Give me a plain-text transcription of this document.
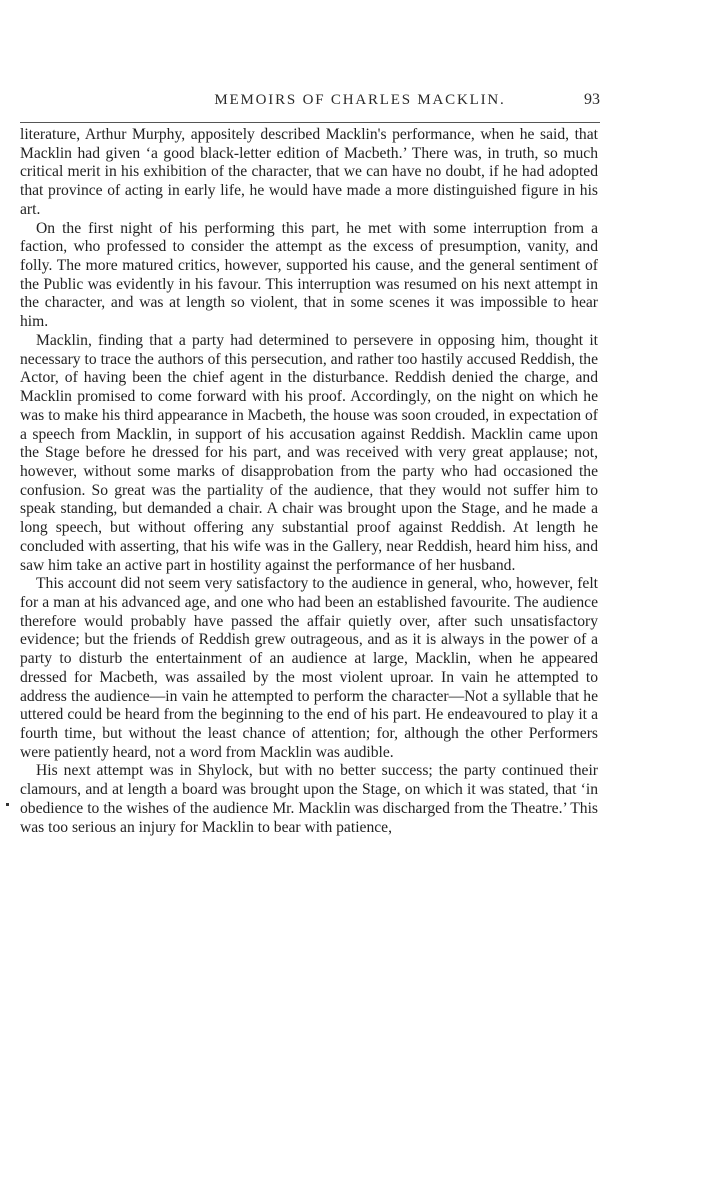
MEMOIRS OF CHARLES MACKLIN.	93

literature, Arthur Murphy, appositely described Macklin's performance, when he said, that Macklin had given ‘a good black-letter edition of Macbeth.’ There was, in truth, so much critical merit in his exhibition of the character, that we can have no doubt, if he had adopted that province of acting in early life, he would have made a more distinguished figure in his art.

On the first night of his performing this part, he met with some interruption from a faction, who professed to consider the attempt as the excess of presumption, vanity, and folly. The more matured critics, however, supported his cause, and the general sentiment of the Public was evidently in his favour. This interruption was resumed on his next attempt in the character, and was at length so violent, that in some scenes it was impossible to hear him.

Macklin, finding that a party had determined to persevere in opposing him, thought it necessary to trace the authors of this persecution, and rather too hastily accused Reddish, the Actor, of having been the chief agent in the disturbance. Reddish denied the charge, and Macklin promised to come forward with his proof. Accordingly, on the night on which he was to make his third appearance in Macbeth, the house was soon crouded, in expectation of a speech from Macklin, in support of his accusation against Reddish. Macklin came upon the Stage before he dressed for his part, and was received with very great applause; not, however, without some marks of disapprobation from the party who had occasioned the confusion. So great was the partiality of the audience, that they would not suffer him to speak standing, but demanded a chair. A chair was brought upon the Stage, and he made a long speech, but without offering any substantial proof against Reddish. At length he concluded with asserting, that his wife was in the Gallery, near Reddish, heard him hiss, and saw him take an active part in hostility against the performance of her husband.

This account did not seem very satisfactory to the audience in general, who, however, felt for a man at his advanced age, and one who had been an established favourite. The audience therefore would probably have passed the affair quietly over, after such unsatisfactory evidence; but the friends of Reddish grew outrageous, and as it is always in the power of a party to disturb the entertainment of an audience at large, Macklin, when he appeared dressed for Macbeth, was assailed by the most violent uproar. In vain he attempted to address the audience—in vain he attempted to perform the character—Not a syllable that he uttered could be heard from the beginning to the end of his part. He endeavoured to play it a fourth time, but without the least chance of attention; for, although the other Performers were patiently heard, not a word from Macklin was audible.

His next attempt was in Shylock, but with no better success; the party continued their clamours, and at length a board was brought upon the Stage, on which it was stated, that ‘in obedience to the wishes of the audience Mr. Macklin was discharged from the Theatre.’ This was too serious an injury for Macklin to bear with patience,
